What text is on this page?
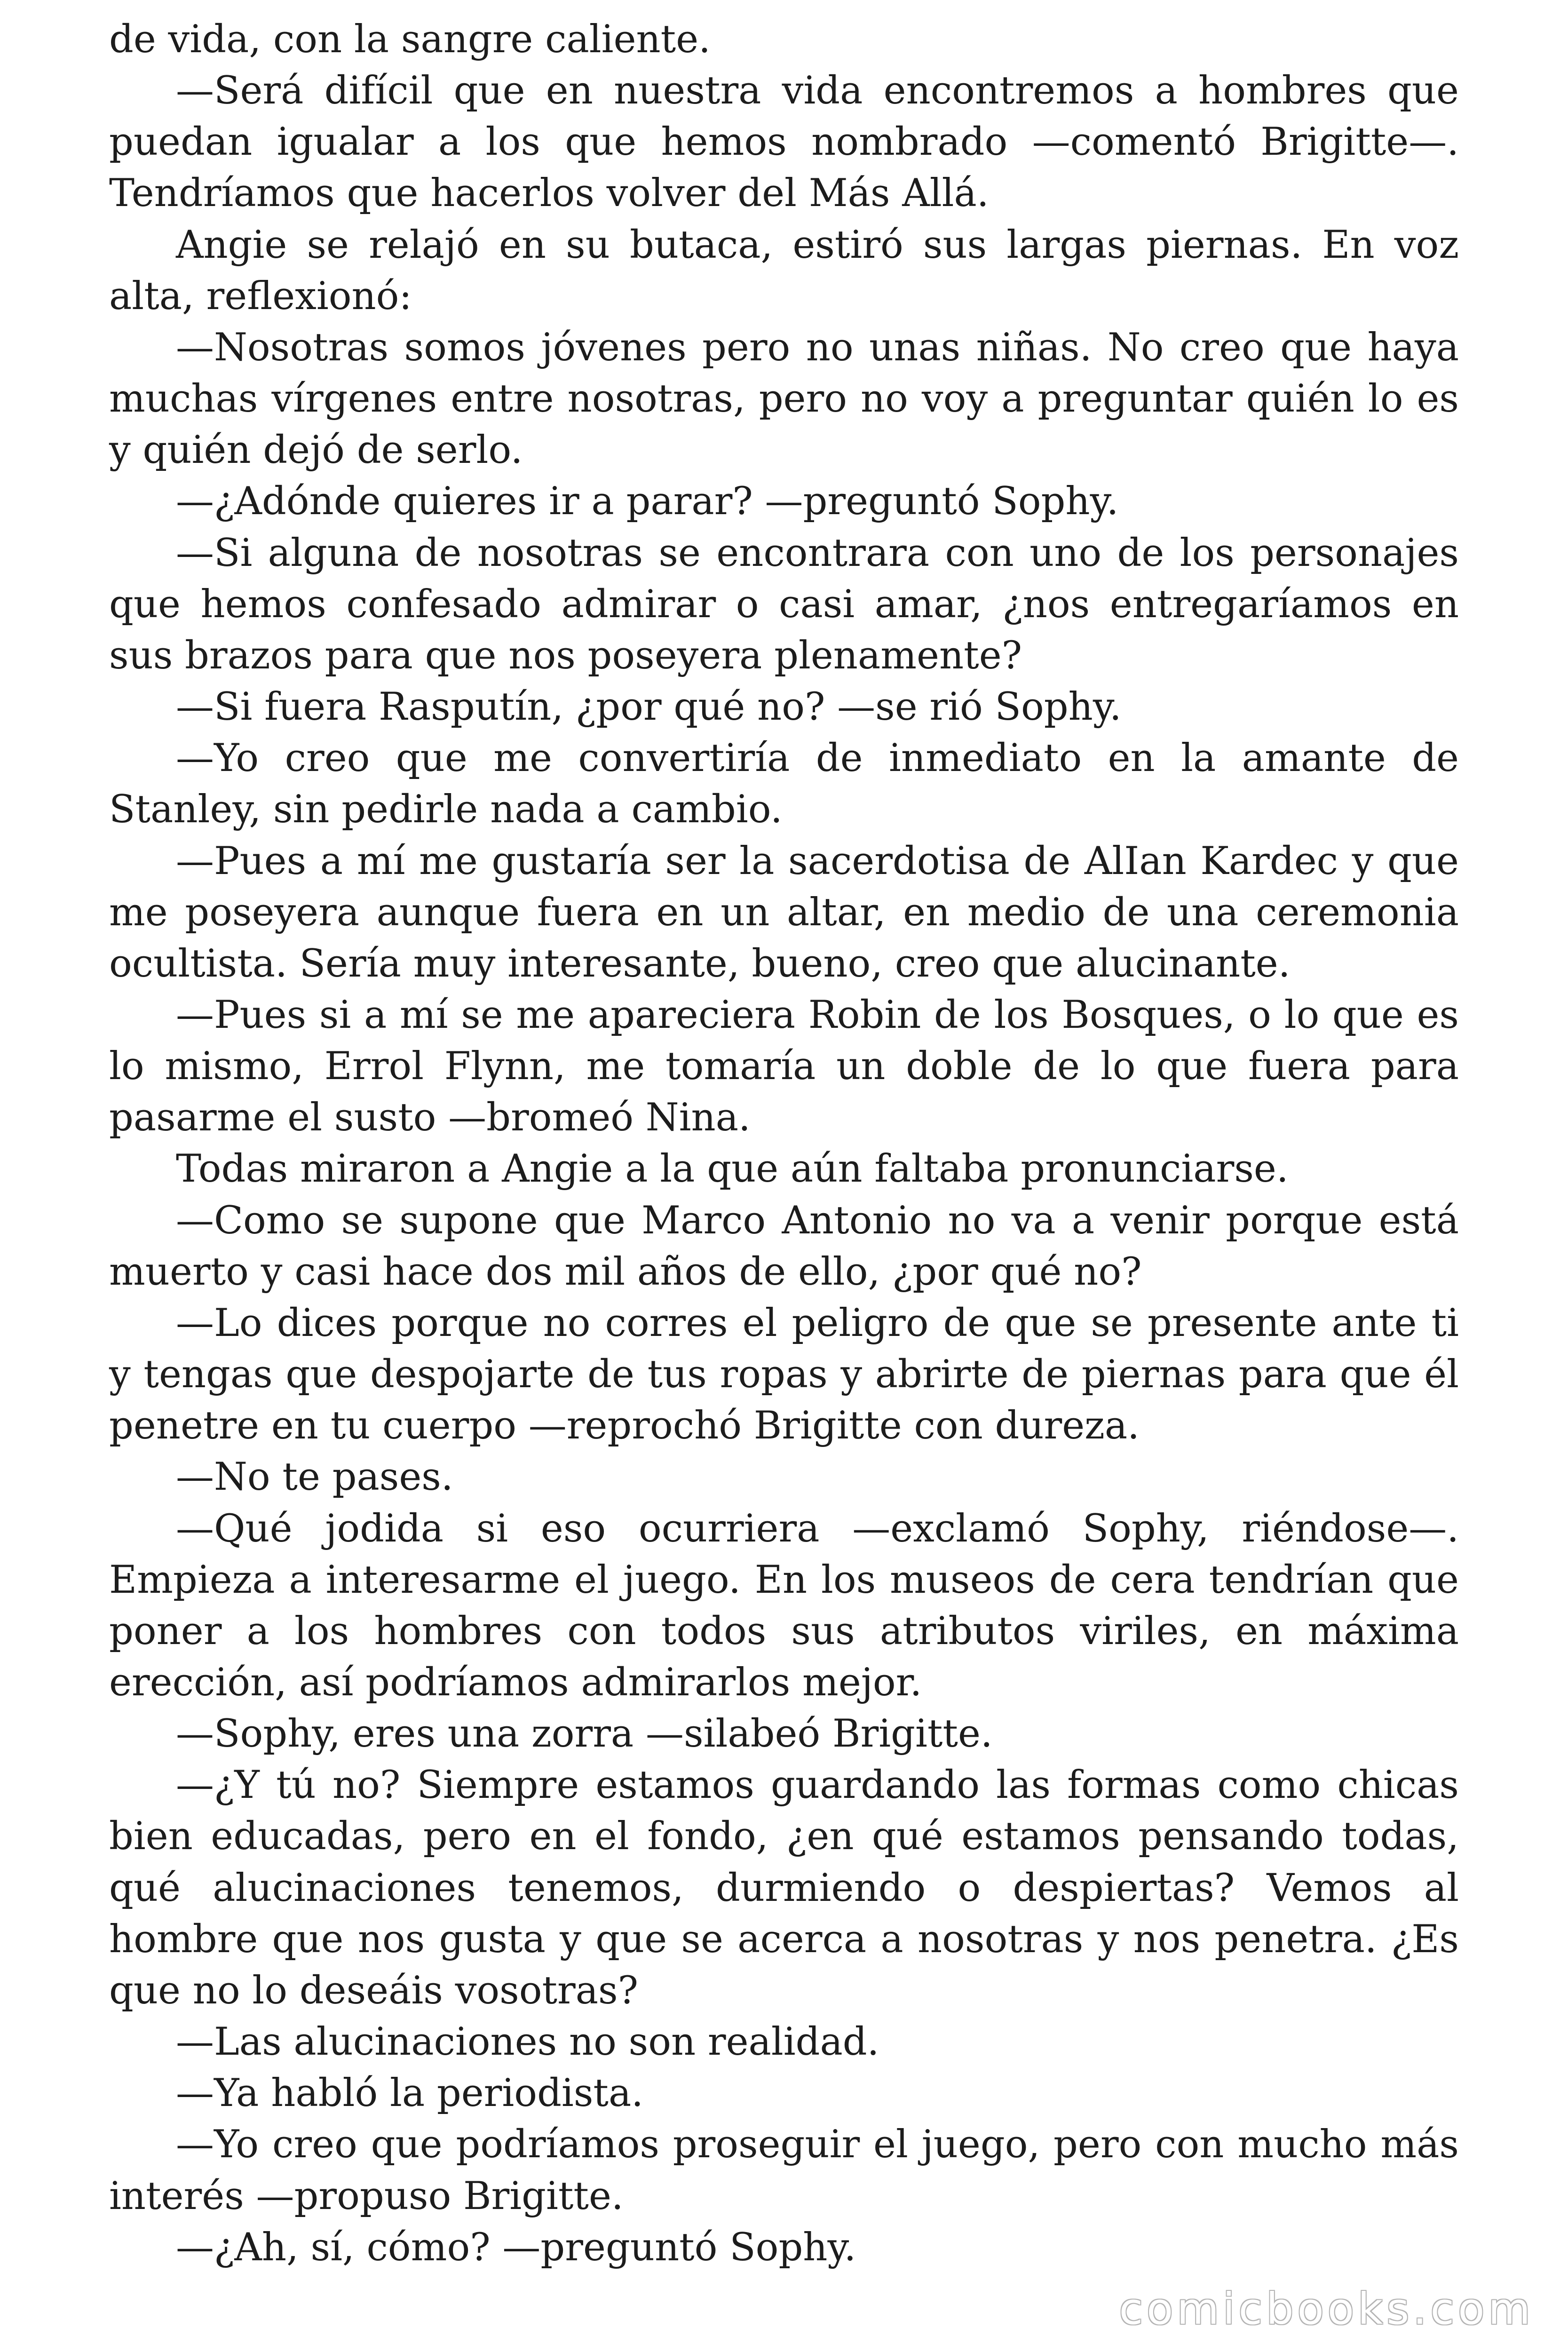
de vida, con la sangre caliente.

—Será difícil que en nuestra vida encontremos a hombres que puedan igualar a los que hemos nombrado —comentó Brigitte—. Tendríamos que hacerlos volver del Más Allá.

Angie se relajó en su butaca, estiró sus largas piernas. En voz alta, reflexionó:

—Nosotras somos jóvenes pero no unas niñas. No creo que haya muchas vírgenes entre nosotras, pero no voy a preguntar quién lo es y quién dejó de serlo.

—¿Adónde quieres ir a parar? —preguntó Sophy.

—Si alguna de nosotras se encontrara con uno de los personajes que hemos confesado admirar o casi amar, ¿nos entregaríamos en sus brazos para que nos poseyera plenamente?

—Si fuera Rasputín, ¿por qué no? —se rió Sophy.

—Yo creo que me convertiría de inmediato en la amante de Stanley, sin pedirle nada a cambio.

—Pues a mí me gustaría ser la sacerdotisa de AlIan Kardec y que me poseyera aunque fuera en un altar, en medio de una ceremonia ocultista. Sería muy interesante, bueno, creo que alucinante.

—Pues si a mí se me apareciera Robin de los Bosques, o lo que es lo mismo, Errol Flynn, me tomaría un doble de lo que fuera para pasarme el susto —bromeó Nina.

Todas miraron a Angie a la que aún faltaba pronunciarse.

—Como se supone que Marco Antonio no va a venir porque está muerto y casi hace dos mil años de ello, ¿por qué no?

—Lo dices porque no corres el peligro de que se presente ante ti y tengas que despojarte de tus ropas y abrirte de piernas para que él penetre en tu cuerpo —reprochó Brigitte con dureza.

—No te pases.

—Qué jodida si eso ocurriera —exclamó Sophy, riéndose—. Empieza a interesarme el juego. En los museos de cera tendrían que poner a los hombres con todos sus atributos viriles, en máxima erección, así podríamos admirarlos mejor.

—Sophy, eres una zorra —silabeó Brigitte.

—¿Y tú no? Siempre estamos guardando las formas como chicas bien educadas, pero en el fondo, ¿en qué estamos pensando todas, qué alucinaciones tenemos, durmiendo o despiertas? Vemos al hombre que nos gusta y que se acerca a nosotras y nos penetra. ¿Es que no lo deseáis vosotras?

—Las alucinaciones no son realidad.

—Ya habló la periodista.

—Yo creo que podríamos proseguir el juego, pero con mucho más interés —propuso Brigitte.

—¿Ah, sí, cómo? —preguntó Sophy.

comicbooks.com
